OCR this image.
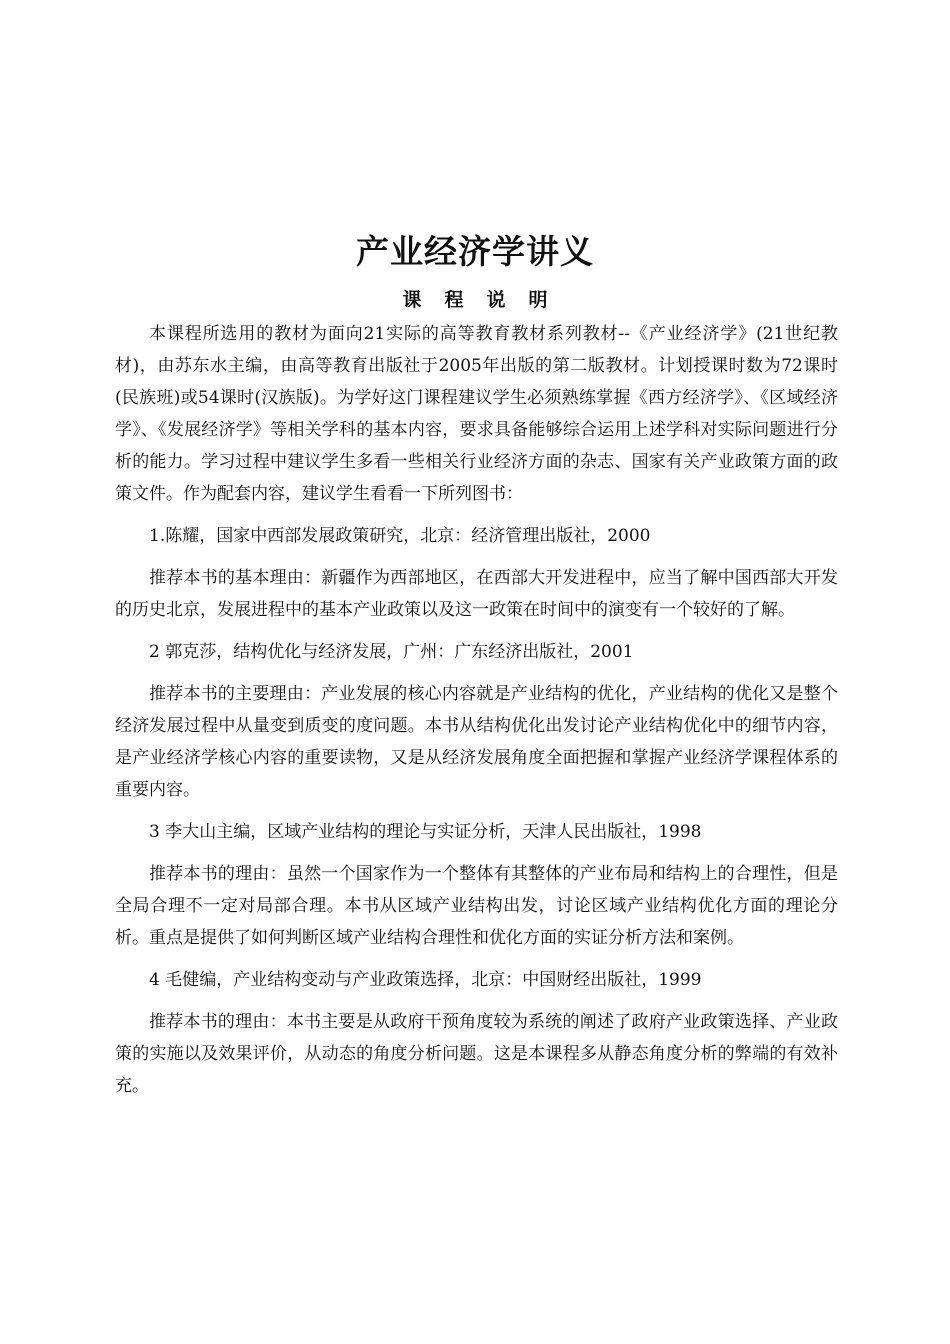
产业经济学讲义
课程说明

本课程所选用的教材为面向21实际的高等教育教材系列教材--《产业经济学》(21世纪教材)，由苏东水主编，由高等教育出版社于2005年出版的第二版教材。计划授课时数为72课时(民族班)或54课时(汉族版)。为学好这门课程建议学生必须熟练掌握《西方经济学》、《区域经济学》、《发展经济学》等相关学科的基本内容，要求具备能够综合运用上述学科对实际问题进行分析的能力。学习过程中建议学生多看一些相关行业经济方面的杂志、国家有关产业政策方面的政策文件。作为配套内容，建议学生看看一下所列图书：

1.陈耀，国家中西部发展政策研究，北京：经济管理出版社，2000

推荐本书的基本理由：新疆作为西部地区，在西部大开发进程中，应当了解中国西部大开发的历史北京，发展进程中的基本产业政策以及这一政策在时间中的演变有一个较好的了解。

2 郭克莎，结构优化与经济发展，广州：广东经济出版社，2001

推荐本书的主要理由：产业发展的核心内容就是产业结构的优化，产业结构的优化又是整个经济发展过程中从量变到质变的度问题。本书从结构优化出发讨论产业结构优化中的细节内容，是产业经济学核心内容的重要读物，又是从经济发展角度全面把握和掌握产业经济学课程体系的重要内容。

3 李大山主编，区域产业结构的理论与实证分析，天津人民出版社，1998

推荐本书的理由：虽然一个国家作为一个整体有其整体的产业布局和结构上的合理性，但是全局合理不一定对局部合理。本书从区域产业结构出发，讨论区域产业结构优化方面的理论分析。重点是提供了如何判断区域产业结构合理性和优化方面的实证分析方法和案例。

4 毛健编，产业结构变动与产业政策选择，北京：中国财经出版社，1999

推荐本书的理由：本书主要是从政府干预角度较为系统的阐述了政府产业政策选择、产业政策的实施以及效果评价，从动态的角度分析问题。这是本课程多从静态角度分析的弊端的有效补充。
